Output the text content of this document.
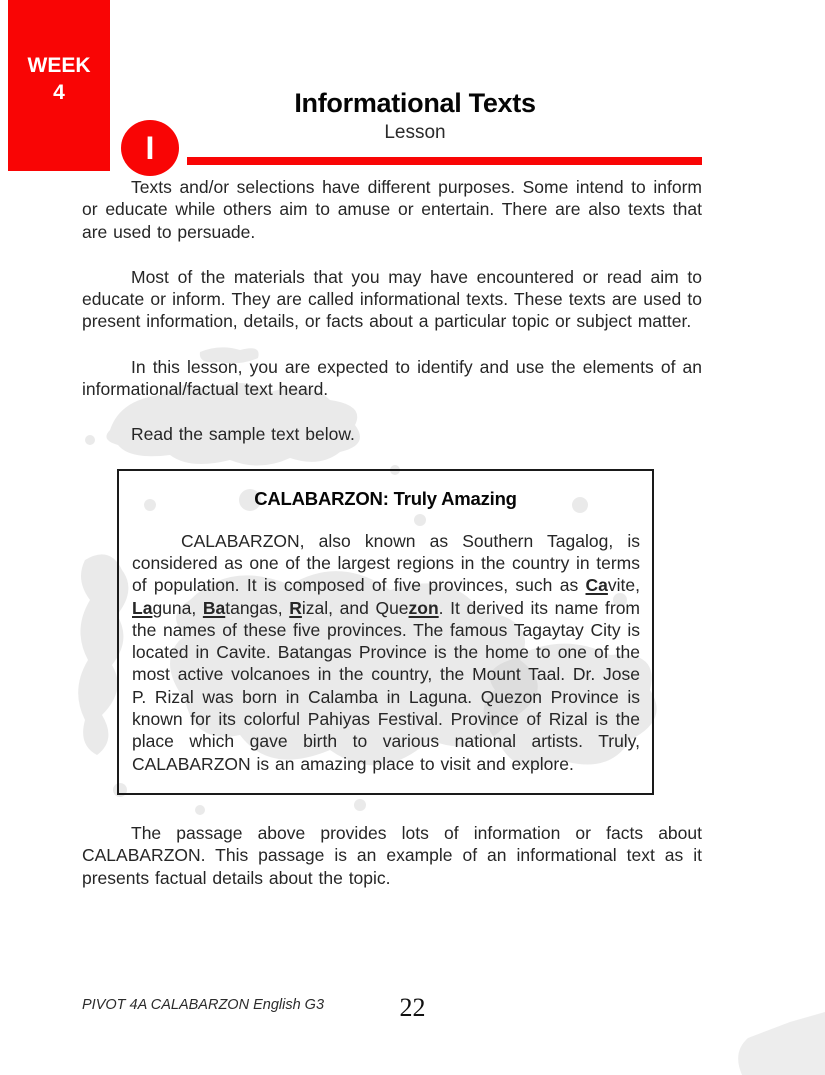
WEEK
4	Informational Texts
Lesson
I

Texts and/or selections have different purposes. Some intend to inform or educate while others aim to amuse or entertain. There are also texts that are used to persuade.

Most of the materials that you may have encountered or read aim to educate or inform. They are called informational texts. These texts are used to present information, details, or facts about a particular topic or subject matter.

In this lesson, you are expected to identify and use the elements of an informational/factual text heard.

Read the sample text below.

CALABARZON: Truly Amazing

CALABARZON, also known as Southern Tagalog, is considered as one of the largest regions in the country in terms of population. It is composed of five provinces, such as Cavite, Laguna, Batangas, Rizal, and Quezon. It derived its name from the names of these five provinces. The famous Tagaytay City is located in Cavite. Batangas Province is the home to one of the most active volcanoes in the country, the Mount Taal. Dr. Jose P. Rizal was born in Calamba in Laguna. Quezon Province is known for its colorful Pahiyas Festival. Province of Rizal is the place which gave birth to various national artists. Truly, CALABARZON is an amazing place to visit and explore.

The passage above provides lots of information or facts about CALABARZON. This passage is an example of an informational text as it presents factual details about the topic.

PIVOT 4A CALABARZON English G3	22
